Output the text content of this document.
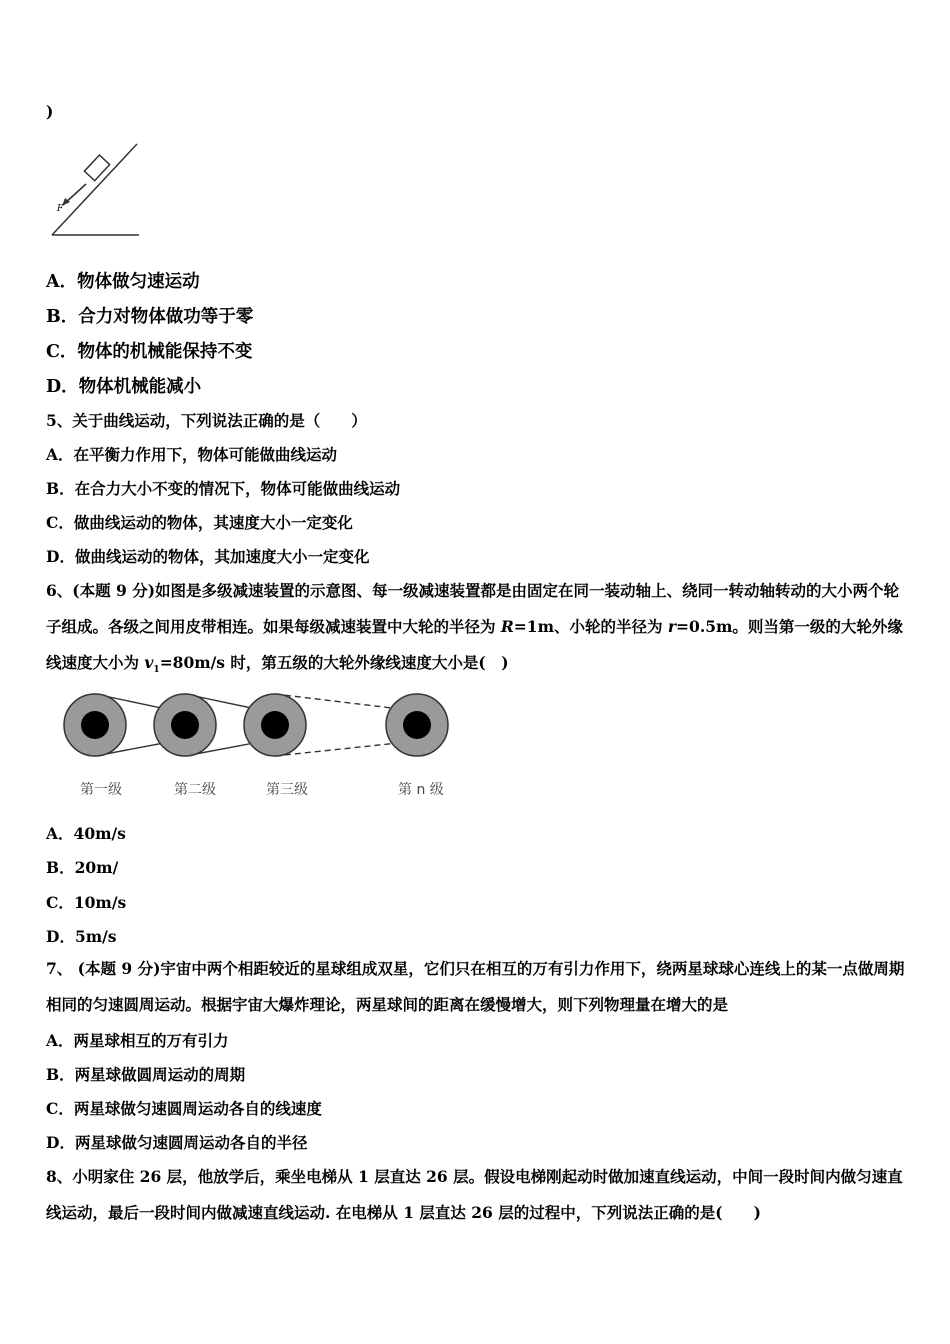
)
F
A．物体做匀速运动
B．合力对物体做功等于零
C．物体的机械能保持不变
D．物体机械能减小
5、关于曲线运动，下列说法正确的是（　　）
A．在平衡力作用下，物体可能做曲线运动
B．在合力大小不变的情况下，物体可能做曲线运动
C．做曲线运动的物体，其速度大小一定变化
D．做曲线运动的物体，其加速度大小一定变化
6、(本题 9 分)如图是多级减速装置的示意图、每一级减速装置都是由固定在同一装动轴上、绕同一转动轴转动的大小两个轮子组成。各级之间用皮带相连。如果每级减速装置中大轮的半径为 R=1m、小轮的半径为 r=0.5m。则当第一级的大轮外缘线速度大小为 $v_1=80m/s$ 时，第五级的大轮外缘线速度大小是(　)
第一级	第二级	第三级	第 n 级
A．40m/s
B．20m/
C．10m/s
D．5m/s
7、 (本题 9 分)宇宙中两个相距较近的星球组成双星，它们只在相互的万有引力作用下，绕两星球球心连线上的某一点做周期相同的匀速圆周运动。根据宇宙大爆炸理论，两星球间的距离在缓慢增大，则下列物理量在增大的是
A．两星球相互的万有引力
B．两星球做圆周运动的周期
C．两星球做匀速圆周运动各自的线速度
D．两星球做匀速圆周运动各自的半径
8、小明家住 26 层，他放学后，乘坐电梯从 1 层直达 26 层。假设电梯刚起动时做加速直线运动，中间一段时间内做匀速直线运动，最后一段时间内做减速直线运动. 在电梯从 1 层直达 26 层的过程中，下列说法正确的是(　　)
